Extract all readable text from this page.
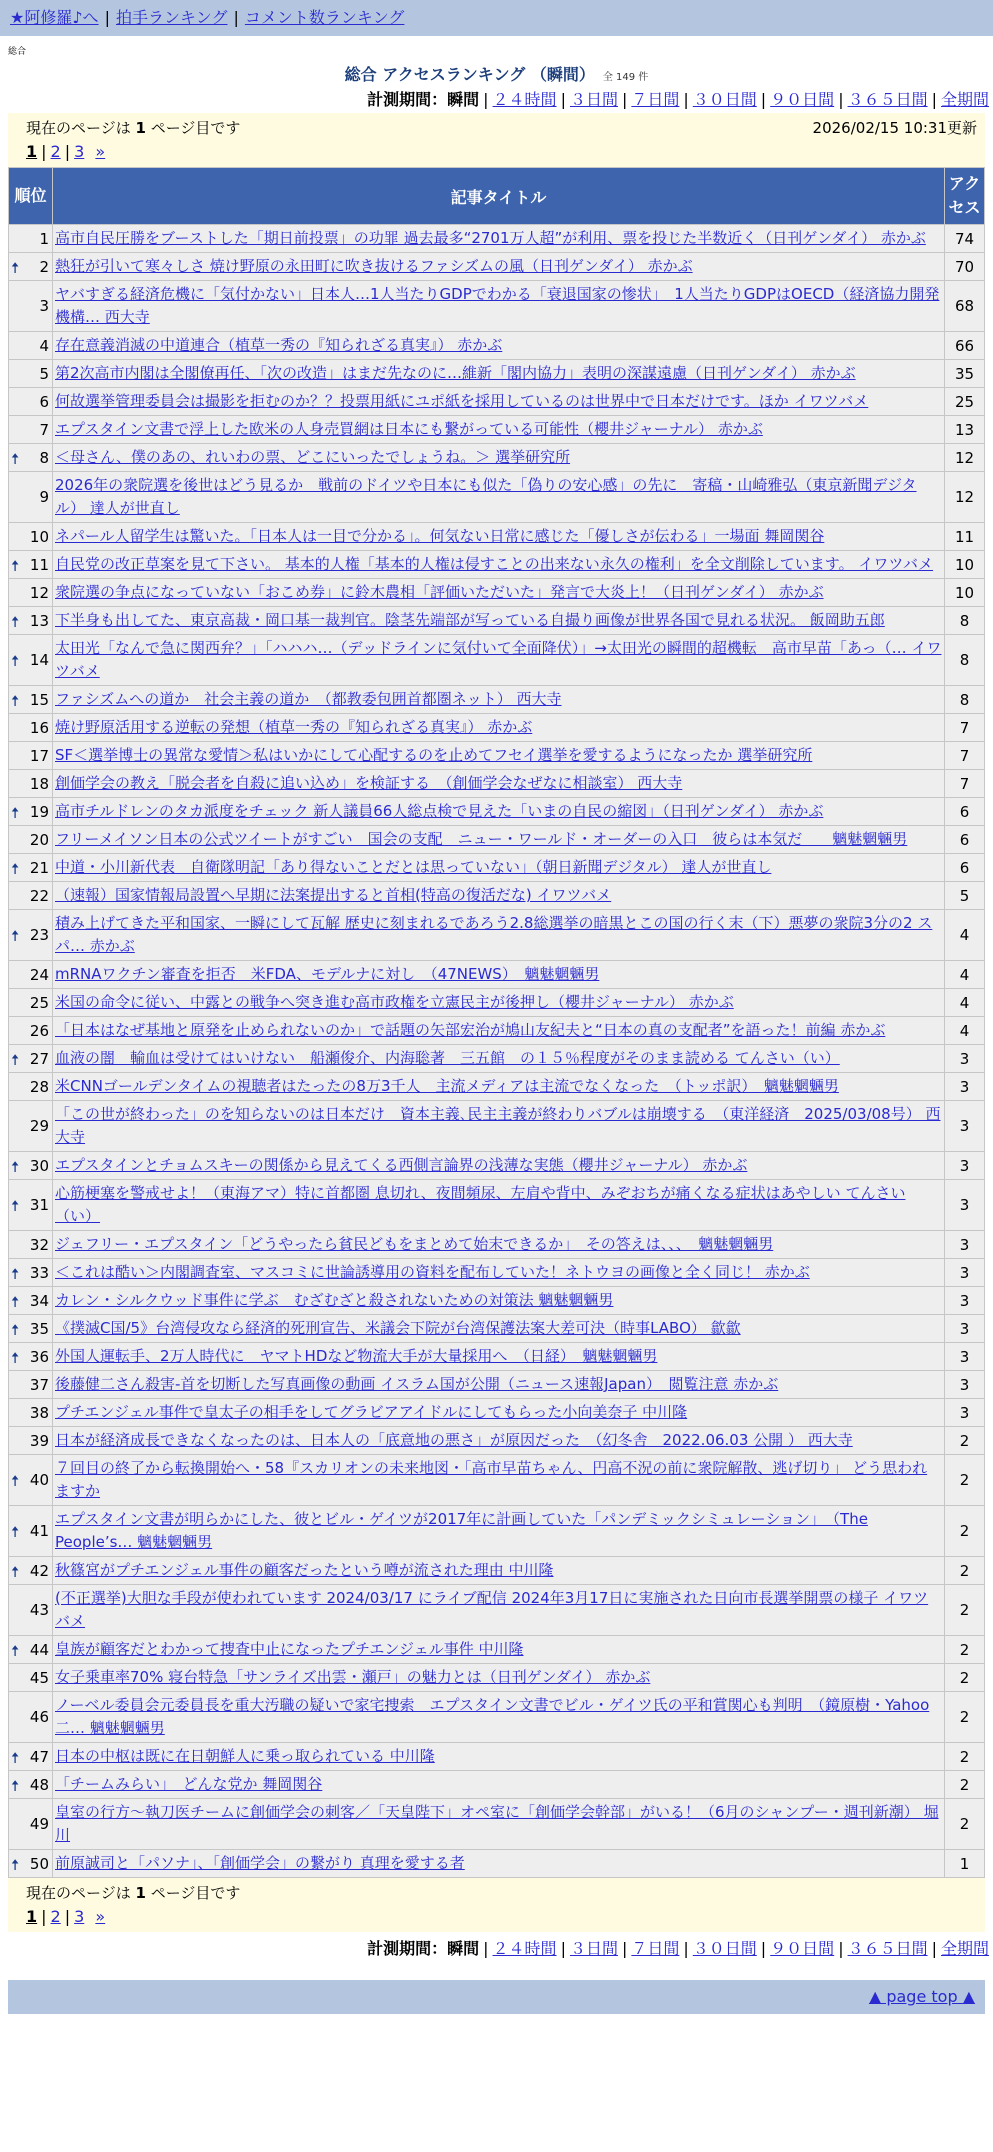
★阿修羅♪へ | 拍手ランキング | コメント数ランキング
総合
総合 アクセスランキング （瞬間） 全 149 件
計測期間：瞬間 | ２４時間 | ３日間 | ７日間 | ３０日間 | ９０日間 | ３６５日間 | 全期間
現在のページは 1 ページ目です	2026/02/15 10:31更新
1 | 2 | 3 »
順位	記事タイトル	アクセス
1	高市自民圧勝をブーストした「期日前投票」の功罪 過去最多“2701万人超”が利用、票を投じた半数近く（日刊ゲンダイ） 赤かぶ	74

🠅 2	熱狂が引いて寒々しさ 焼け野原の永田町に吹き抜けるファシズムの風（日刊ゲンダイ） 赤かぶ	70
3	ヤバすぎる経済危機に「気付かない」日本人…1人当たりGDPでわかる「衰退国家の惨状」　1人当たりGDPはOECD（経済協力開発機構… 西大寺	68
4	存在意義消滅の中道連合（植草一秀の『知られざる真実』） 赤かぶ	66
5	第2次高市内閣は全閣僚再任、「次の改造」はまだ先なのに…維新「閣内協力」表明の深謀遠慮（日刊ゲンダイ） 赤かぶ	35
6	何故選挙管理委員会は撮影を拒むのか？？投票用紙にユポ紙を採用しているのは世界中で日本だけです。ほか イワツバメ	25
7	エプスタイン文書で浮上した欧米の人身売買網は日本にも繋がっている可能性（櫻井ジャーナル） 赤かぶ	13

🠅 8	＜母さん、僕のあの、れいわの票、どこにいったでしょうね。＞ 選挙研究所	12
9	2026年の衆院選を後世はどう見るか　戦前のドイツや日本にも似た「偽りの安心感」の先に　寄稿・山崎雅弘（東京新聞デジタル） 達人が世直し	12
10	ネパール人留学生は驚いた。「日本人は一目で分かる」。何気ない日常に感じた「優しさが伝わる」一場面 舞岡関谷	11

🠅 11	自民党の改正草案を見て下さい。 基本的人権「基本的人権は侵すことの出来ない永久の権利」を全文削除しています。 イワツバメ	10
12	衆院選の争点になっていない「おこめ券」に鈴木農相「評価いただいた」発言で大炎上！（日刊ゲンダイ） 赤かぶ	10

🠅 13	下半身も出してた、東京高裁・岡口基一裁判官。陰茎先端部が写っている自撮り画像が世界各国で見れる状況。 飯岡助五郎	8

🠅 14	太田光「なんで急に関西弁？」「ハハハ…（デッドラインに気付いて全面降伏）」→太田光の瞬間的超機転　高市早苗「あっ（… イワツバメ	8

🠅 15	ファシズムへの道か　社会主義の道か　（都教委包囲首都圏ネット） 西大寺	8
16	焼け野原活用する逆転の発想（植草一秀の『知られざる真実』） 赤かぶ	7
17	SF＜選挙博士の異常な愛情＞私はいかにして心配するのを止めてフセイ選挙を愛するようになったか 選挙研究所	7
18	創価学会の教え「脱会者を自殺に追い込め」を検証する　（創価学会なぜなに相談室） 西大寺	7

🠅 19	高市チルドレンのタカ派度をチェック 新人議員66人総点検で見えた「いまの自民の縮図」（日刊ゲンダイ） 赤かぶ	6
20	フリーメイソン日本の公式ツイートがすごい　国会の支配　ニュー・ワールド・オーダーの入口　彼らは本気だ　　魑魅魍魎男	6

🠅 21	中道・小川新代表　自衛隊明記「あり得ないことだとは思っていない」（朝日新聞デジタル） 達人が世直し	6
22	（速報）国家情報局設置へ早期に法案提出すると首相(特高の復活だな) イワツバメ	5

🠅 23	積み上げてきた平和国家、一瞬にして瓦解 歴史に刻まれるであろう2.8総選挙の暗黒とこの国の行く末（下）悪夢の衆院3分の2 スパ… 赤かぶ	4
24	mRNAワクチン審査を拒否　米FDA、モデルナに対し　（47NEWS）　魑魅魍魎男	4
25	米国の命令に従い、中露との戦争へ突き進む高市政権を立憲民主が後押し（櫻井ジャーナル） 赤かぶ	4
26	「日本はなぜ基地と原発を止められないのか」で話題の矢部宏治が鳩山友紀夫と“日本の真の支配者”を語った！前編 赤かぶ	4

🠅 27	血液の闇　輸血は受けてはいけない　船瀬俊介、内海聡著　三五館　の１５％程度がそのまま読める てんさい（い）	3
28	米CNNゴールデンタイムの視聴者はたったの8万3千人　主流メディアは主流でなくなった　（トッポ訳）　魑魅魍魎男	3
29	「この世が終わった」のを知らないのは日本だけ　資本主義､民主主義が終わりバブルは崩壊する　（東洋経済　2025/03/08号） 西大寺	3

🠅 30	エプスタインとチョムスキーの関係から見えてくる西側言論界の浅薄な実態（櫻井ジャーナル） 赤かぶ	3

🠅 31	心筋梗塞を警戒せよ！（東海アマ）特に首都圏 息切れ、夜間頻尿、左肩や背中、みぞおちが痛くなる症状はあやしい てんさい（い）	3
32	ジェフリー・エプスタイン「どうやったら貧民どもをまとめて始末できるか」　その答えは、、、　魑魅魍魎男	3

🠅 33	＜これは酷い＞内閣調査室、マスコミに世論誘導用の資料を配布していた！ネトウヨの画像と全く同じ！ 赤かぶ	3

🠅 34	カレン・シルクウッド事件に学ぶ　むざむざと殺されないための対策法 魑魅魍魎男	3

🠅 35	《撲滅C国/5》台湾侵攻なら経済的死刑宣告、米議会下院が台湾保護法案大差可決（時事LABO） 歙歙	3

🠅 36	外国人運転手、2万人時代に　ヤマトHDなど物流大手が大量採用へ　（日経）　魑魅魍魎男	3
37	後藤健二さん殺害-首を切断した写真画像の動画 イスラム国が公開（ニュース速報Japan）　閲覧注意 赤かぶ	3
38	プチエンジェル事件で皇太子の相手をしてグラビアアイドルにしてもらった小向美奈子 中川隆	3
39	日本が経済成長できなくなったのは、日本人の「底意地の悪さ」が原因だった　（幻冬舎　2022.06.03 公開 ） 西大寺	2

🠅 40	７回目の終了から転換開始へ・58『スカリオンの未来地図・「高市早苗ちゃん、円高不況の前に衆院解散、逃げ切り」 どう思われますか	2

🠅 41	エプスタイン文書が明らかにした、彼とビル・ゲイツが2017年に計画していた「パンデミックシミュレーション」　（The People’s… 魑魅魍魎男	2

🠅 42	秋篠宮がプチエンジェル事件の顧客だったという噂が流された理由 中川隆	2
43	(不正選挙)大胆な手段が使われています 2024/03/17 にライブ配信 2024年3月17日に実施された日向市長選挙開票の様子 イワツバメ	2

🠅 44	皇族が顧客だとわかって捜査中止になったプチエンジェル事件 中川隆	2
45	女子乗車率70% 寝台特急「サンライズ出雲・瀬戸」の魅力とは（日刊ゲンダイ） 赤かぶ	2
46	ノーベル委員会元委員長を重大汚職の疑いで家宅捜索　エプスタイン文書でビル・ゲイツ氏の平和賞関心も判明　（鏡原樹・Yahoo二… 魑魅魍魎男	2

🠅 47	日本の中枢は既に在日朝鮮人に乗っ取られている 中川隆	2

🠅 48	「チームみらい」　どんな党か 舞岡関谷	2
49	皇室の行方〜執刀医チームに創価学会の刺客／「天皇陛下」オペ室に「創価学会幹部」がいる！（6月のシャンプー・週刊新潮） 堀川	2

🠅 50	前原誠司と「パソナ」、「創価学会」の繋がり 真理を愛する者	1
現在のページは 1 ページ目です
1 | 2 | 3 »
計測期間：瞬間 | ２４時間 | ３日間 | ７日間 | ３０日間 | ９０日間 | ３６５日間 | 全期間
▲ page top ▲
